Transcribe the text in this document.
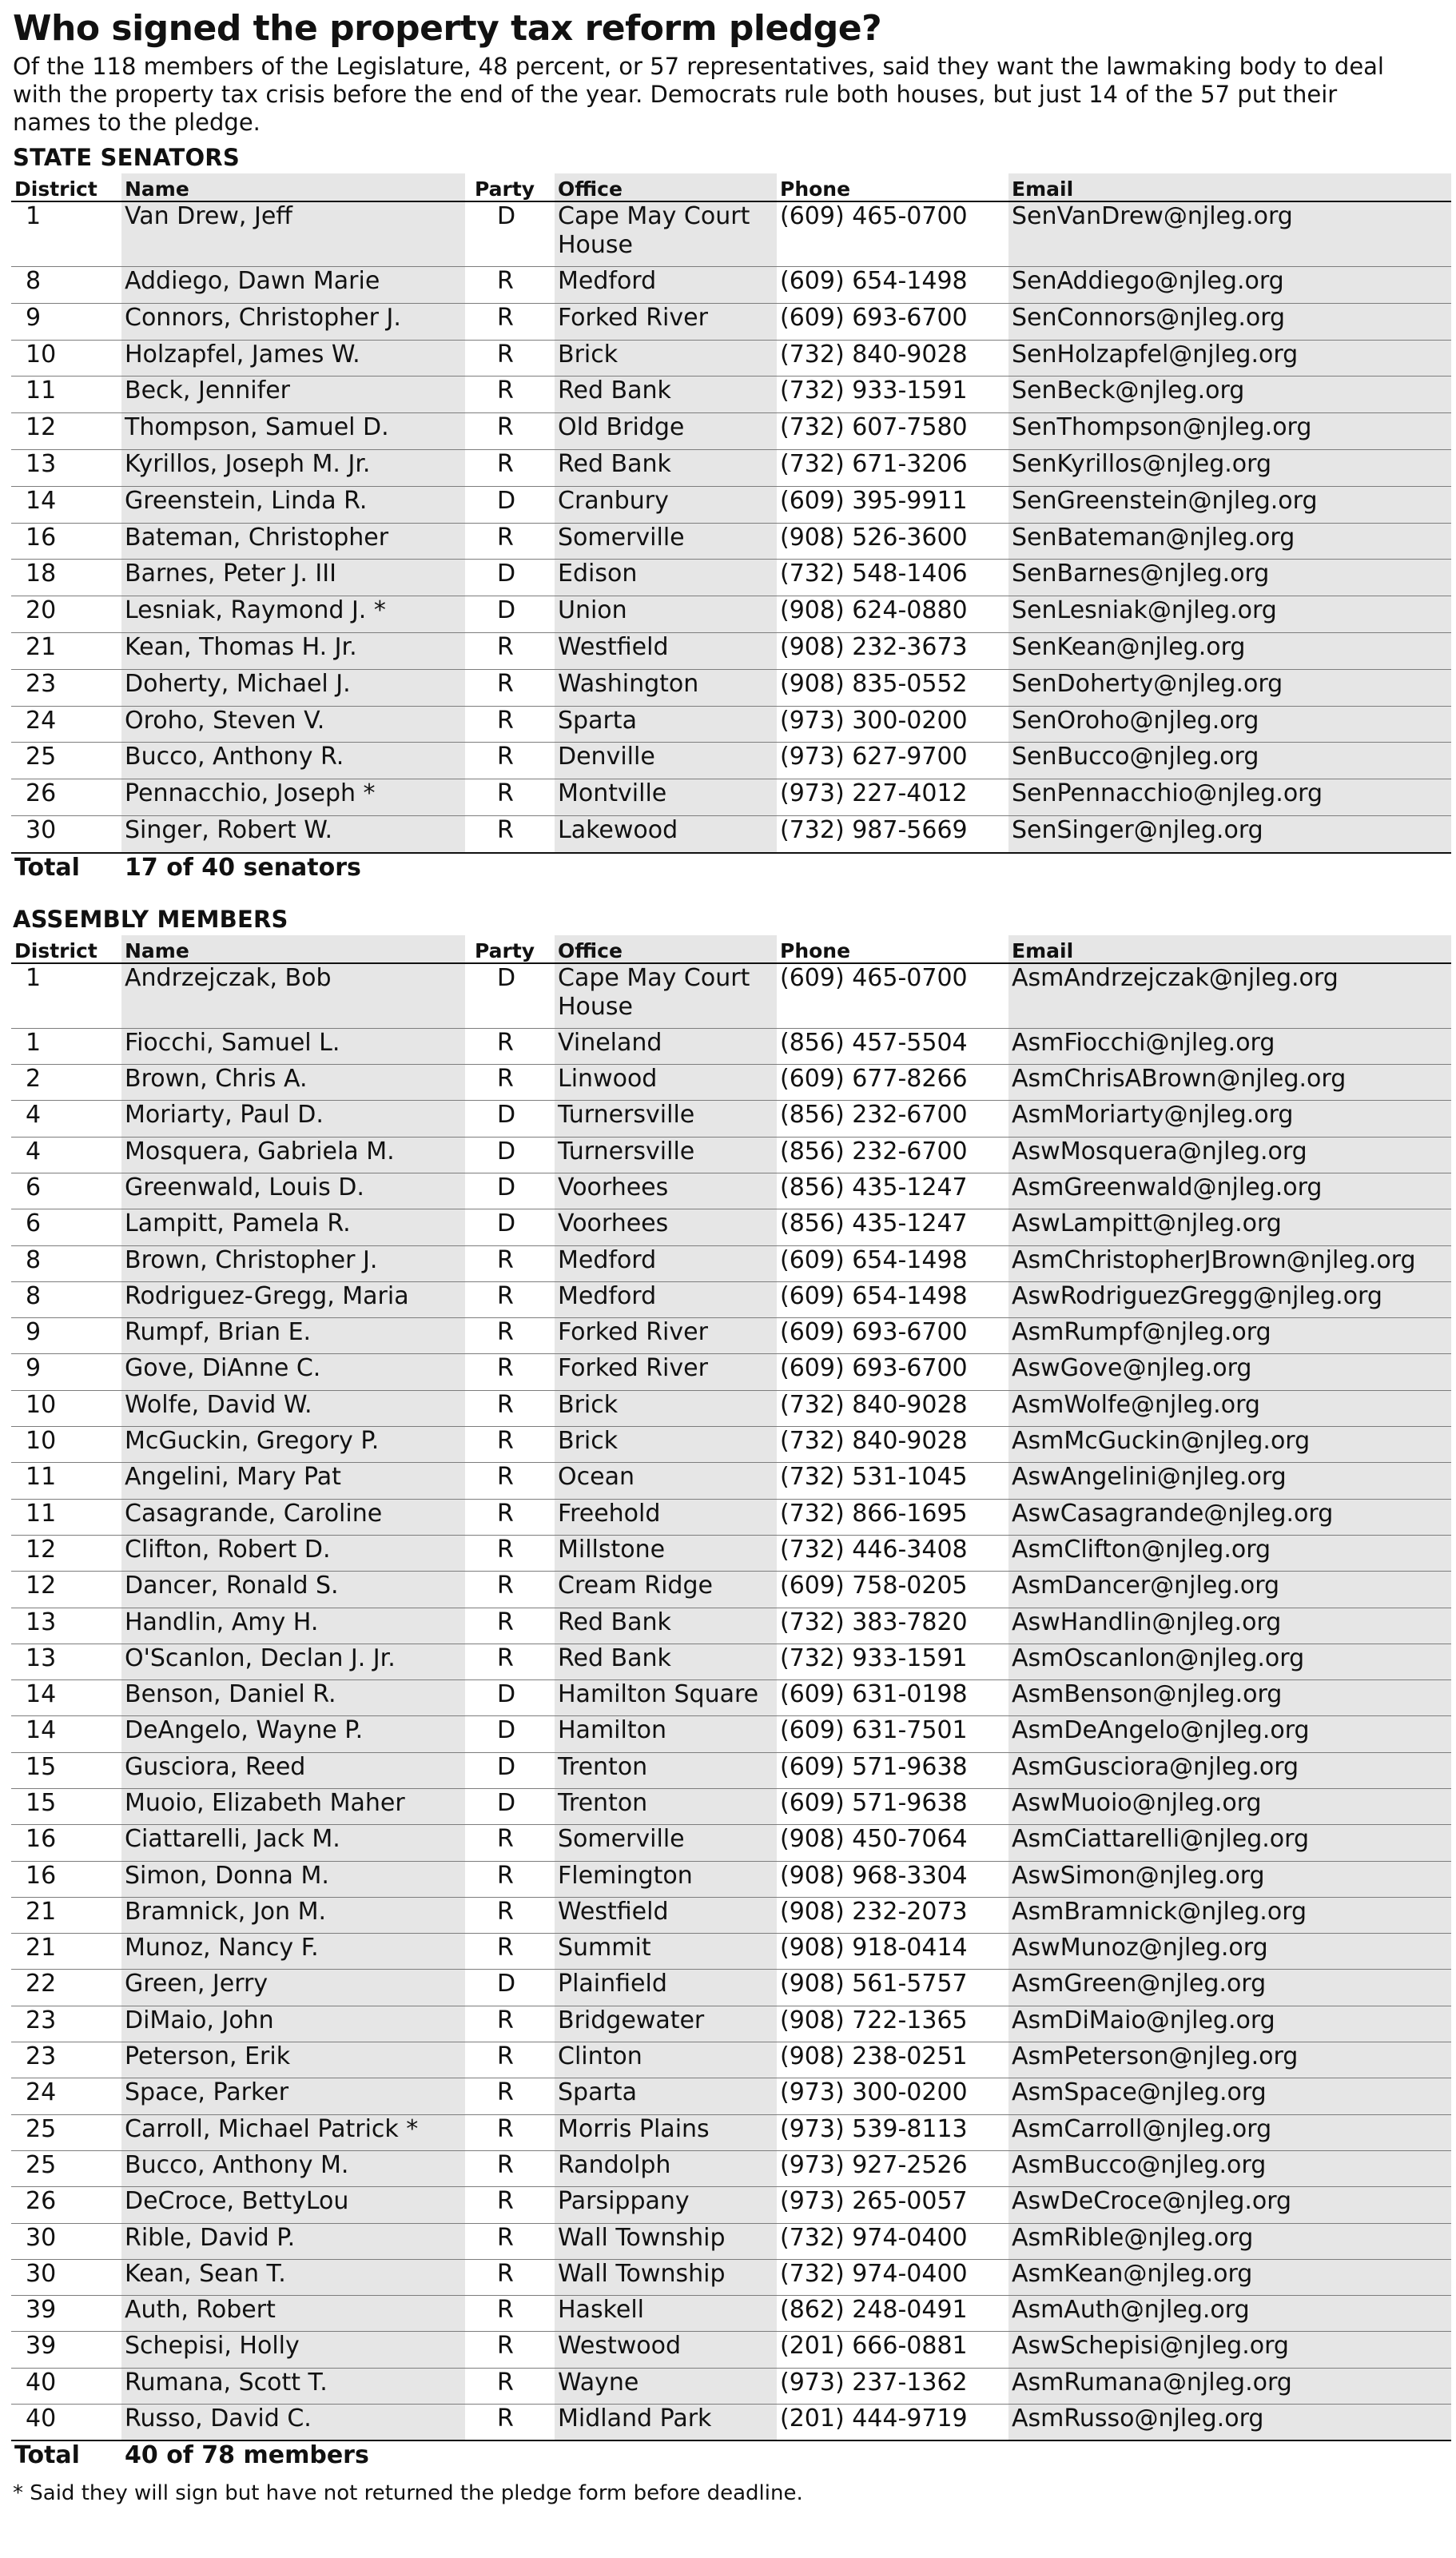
Who signed the property tax reform pledge?

Of the 118 members of the Legislature, 48 percent, or 57 representatives, said they want the lawmaking body to deal with the property tax crisis before the end of the year. Democrats rule both houses, but just 14 of the 57 put their names to the pledge.

STATE SENATORS
District	Name	Party	Office	Phone	Email
1	Van Drew, Jeff	D	Cape May Court House	(609) 465-0700	SenVanDrew@njleg.org
8	Addiego, Dawn Marie	R	Medford	(609) 654-1498	SenAddiego@njleg.org
9	Connors, Christopher J.	R	Forked River	(609) 693-6700	SenConnors@njleg.org
10	Holzapfel, James W.	R	Brick	(732) 840-9028	SenHolzapfel@njleg.org
11	Beck, Jennifer	R	Red Bank	(732) 933-1591	SenBeck@njleg.org
12	Thompson, Samuel D.	R	Old Bridge	(732) 607-7580	SenThompson@njleg.org
13	Kyrillos, Joseph M. Jr.	R	Red Bank	(732) 671-3206	SenKyrillos@njleg.org
14	Greenstein, Linda R.	D	Cranbury	(609) 395-9911	SenGreenstein@njleg.org
16	Bateman, Christopher	R	Somerville	(908) 526-3600	SenBateman@njleg.org
18	Barnes, Peter J. III	D	Edison	(732) 548-1406	SenBarnes@njleg.org
20	Lesniak, Raymond J. *	D	Union	(908) 624-0880	SenLesniak@njleg.org
21	Kean, Thomas H. Jr.	R	Westfield	(908) 232-3673	SenKean@njleg.org
23	Doherty, Michael J.	R	Washington	(908) 835-0552	SenDoherty@njleg.org
24	Oroho, Steven V.	R	Sparta	(973) 300-0200	SenOroho@njleg.org
25	Bucco, Anthony R.	R	Denville	(973) 627-9700	SenBucco@njleg.org
26	Pennacchio, Joseph *	R	Montville	(973) 227-4012	SenPennacchio@njleg.org
30	Singer, Robert W.	R	Lakewood	(732) 987-5669	SenSinger@njleg.org
Total	17 of 40 senators				
ASSEMBLY MEMBERS
District	Name	Party	Office	Phone	Email
1	Andrzejczak, Bob	D	Cape May Court House	(609) 465-0700	AsmAndrzejczak@njleg.org
1	Fiocchi, Samuel L.	R	Vineland	(856) 457-5504	AsmFiocchi@njleg.org
2	Brown, Chris A.	R	Linwood	(609) 677-8266	AsmChrisABrown@njleg.org
4	Moriarty, Paul D.	D	Turnersville	(856) 232-6700	AsmMoriarty@njleg.org
4	Mosquera, Gabriela M.	D	Turnersville	(856) 232-6700	AswMosquera@njleg.org
6	Greenwald, Louis D.	D	Voorhees	(856) 435-1247	AsmGreenwald@njleg.org
6	Lampitt, Pamela R.	D	Voorhees	(856) 435-1247	AswLampitt@njleg.org
8	Brown, Christopher J.	R	Medford	(609) 654-1498	AsmChristopherJBrown@njleg.org
8	Rodriguez-Gregg, Maria	R	Medford	(609) 654-1498	AswRodriguezGregg@njleg.org
9	Rumpf, Brian E.	R	Forked River	(609) 693-6700	AsmRumpf@njleg.org
9	Gove, DiAnne C.	R	Forked River	(609) 693-6700	AswGove@njleg.org
10	Wolfe, David W.	R	Brick	(732) 840-9028	AsmWolfe@njleg.org
10	McGuckin, Gregory P.	R	Brick	(732) 840-9028	AsmMcGuckin@njleg.org
11	Angelini, Mary Pat	R	Ocean	(732) 531-1045	AswAngelini@njleg.org
11	Casagrande, Caroline	R	Freehold	(732) 866-1695	AswCasagrande@njleg.org
12	Clifton, Robert D.	R	Millstone	(732) 446-3408	AsmClifton@njleg.org
12	Dancer, Ronald S.	R	Cream Ridge	(609) 758-0205	AsmDancer@njleg.org
13	Handlin, Amy H.	R	Red Bank	(732) 383-7820	AswHandlin@njleg.org
13	O'Scanlon, Declan J. Jr.	R	Red Bank	(732) 933-1591	AsmOscanlon@njleg.org
14	Benson, Daniel R.	D	Hamilton Square	(609) 631-0198	AsmBenson@njleg.org
14	DeAngelo, Wayne P.	D	Hamilton	(609) 631-7501	AsmDeAngelo@njleg.org
15	Gusciora, Reed	D	Trenton	(609) 571-9638	AsmGusciora@njleg.org
15	Muoio, Elizabeth Maher	D	Trenton	(609) 571-9638	AswMuoio@njleg.org
16	Ciattarelli, Jack M.	R	Somerville	(908) 450-7064	AsmCiattarelli@njleg.org
16	Simon, Donna M.	R	Flemington	(908) 968-3304	AswSimon@njleg.org
21	Bramnick, Jon M.	R	Westfield	(908) 232-2073	AsmBramnick@njleg.org
21	Munoz, Nancy F.	R	Summit	(908) 918-0414	AswMunoz@njleg.org
22	Green, Jerry	D	Plainfield	(908) 561-5757	AsmGreen@njleg.org
23	DiMaio, John	R	Bridgewater	(908) 722-1365	AsmDiMaio@njleg.org
23	Peterson, Erik	R	Clinton	(908) 238-0251	AsmPeterson@njleg.org
24	Space, Parker	R	Sparta	(973) 300-0200	AsmSpace@njleg.org
25	Carroll, Michael Patrick *	R	Morris Plains	(973) 539-8113	AsmCarroll@njleg.org
25	Bucco, Anthony M.	R	Randolph	(973) 927-2526	AsmBucco@njleg.org
26	DeCroce, BettyLou	R	Parsippany	(973) 265-0057	AswDeCroce@njleg.org
30	Rible, David P.	R	Wall Township	(732) 974-0400	AsmRible@njleg.org
30	Kean, Sean T.	R	Wall Township	(732) 974-0400	AsmKean@njleg.org
39	Auth, Robert	R	Haskell	(862) 248-0491	AsmAuth@njleg.org
39	Schepisi, Holly	R	Westwood	(201) 666-0881	AswSchepisi@njleg.org
40	Rumana, Scott T.	R	Wayne	(973) 237-1362	AsmRumana@njleg.org
40	Russo, David C.	R	Midland Park	(201) 444-9719	AsmRusso@njleg.org
Total	40 of 78 members				

* Said they will sign but have not returned the pledge form before deadline.
